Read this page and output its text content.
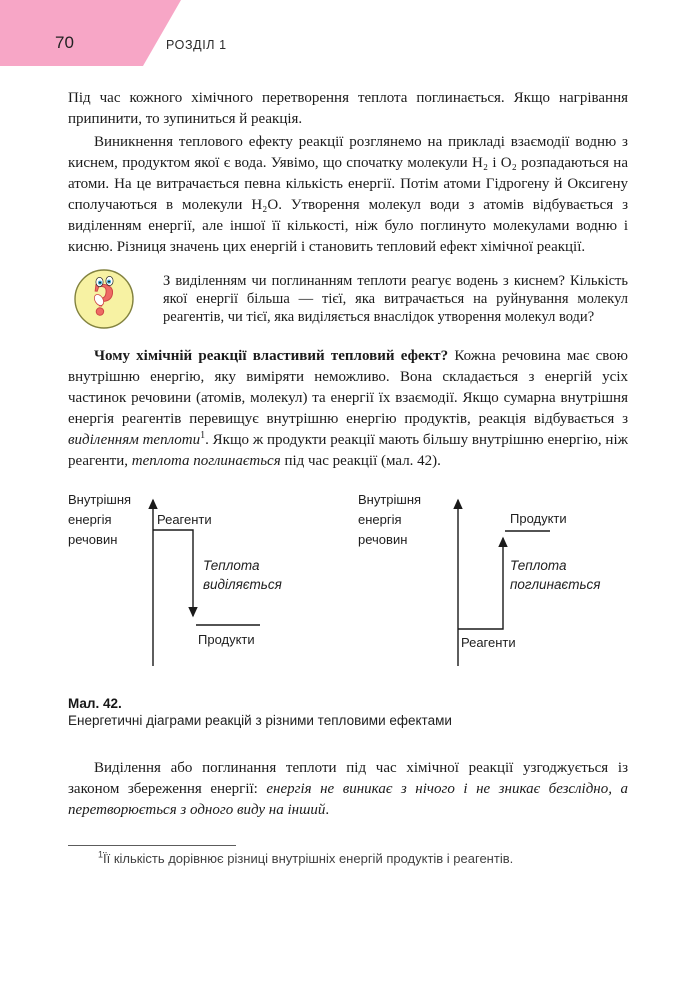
70	РОЗДІЛ 1

Під час кожного хімічного перетворення теплота поглинається. Якщо нагрівання припинити, то зупиниться й реакція.

Виникнення теплового ефекту реакції розглянемо на прикладі взаємодії водню з киснем, продуктом якої є вода. Уявімо, що спочатку молекули H₂ і O₂ розпадаються на атоми. На це витрачається певна кількість енергії. Потім атоми Гідрогену й Оксигену сполучаються в молекули H₂O. Утворення молекул води з атомів відбувається з виділенням енергії, але іншої її кількості, ніж було поглинуто молекулами водню і кисню. Різниця значень цих енергій і становить тепловий ефект хімічної реакції.

З виділенням чи поглинанням теплоти реагує водень з киснем? Кількість якої енергії більша — тієї, яка витрачається на руйнування молекул реагентів, чи тієї, яка виділяється внаслідок утворення молекул води?

Чому хімічній реакції властивий тепловий ефект? Кожна речовина має свою внутрішню енергію, яку виміряти неможливо. Вона складається з енергій усіх частинок речовини (атомів, молекул) та енергії їх взаємодії. Якщо сумарна внутрішня енергія реагентів перевищує внутрішню енергію продуктів, реакція відбувається з виділенням теплоти$^1$. Якщо ж продукти реакції мають більшу внутрішню енергію, ніж реагенти, теплота поглинається під час реакції (мал. 42).

Внутрішня
енергія
речовин
Реагенти
Теплота
виділяється
Продукти
Внутрішня
енергія
речовин
Продукти
Теплота
поглинається
Реагенти
Мал. 42.
Енергетичні діаграми реакцій з різними тепловими ефектами

Виділення або поглинання теплоти під час хімічної реакції узгоджується із законом збереження енергії: енергія не виникає з нічого і не зникає безслідно, а перетворюється з одного виду на інший.

$^1$Її кількість дорівнює різниці внутрішніх енергій продуктів і реагентів.
